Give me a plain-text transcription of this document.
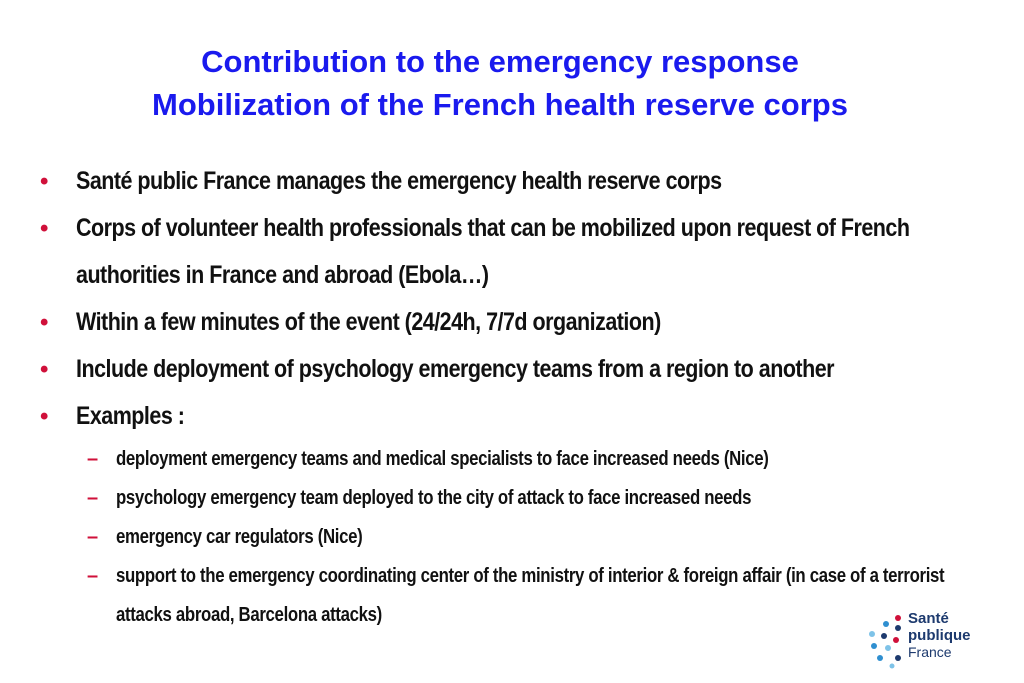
Contribution to the emergency response
Mobilization of the French health reserve corps
• Santé public France manages the emergency health reserve corps
• Corps of volunteer health professionals that can be mobilized upon request of French authorities in France and abroad (Ebola…)
• Within a few minutes of the event (24/24h, 7/7d organization)
• Include deployment of psychology emergency teams from a region to another
• Examples :
– deployment emergency teams and medical specialists to face increased needs (Nice)
– psychology emergency team deployed to the city of attack to face increased needs
– emergency car regulators (Nice)
– support to the emergency coordinating center of the ministry of interior & foreign affair (in case of a terrorist attacks abroad, Barcelona attacks)	Santé
publique
France
